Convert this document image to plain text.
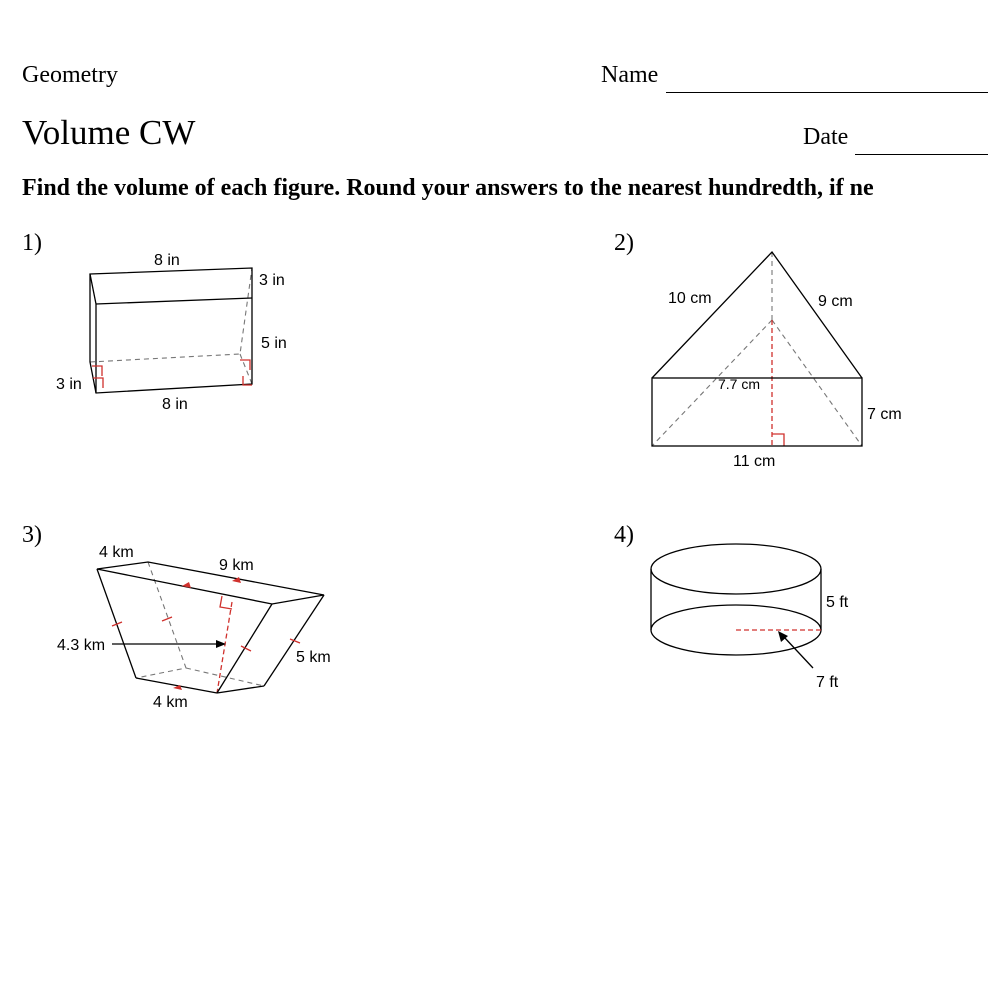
Geometry
Volume CW
Name
Date
Find the volume of each figure. Round your answers to the nearest hundredth, if ne
1)	2)
3)	4)
8 in
3 in
5 in
3 in
8 in
10 cm	9 cm
7.7 cm
7 cm
11 cm
4 km
9 km
4.3 km
5 km
4 km
5 ft
7 ft
